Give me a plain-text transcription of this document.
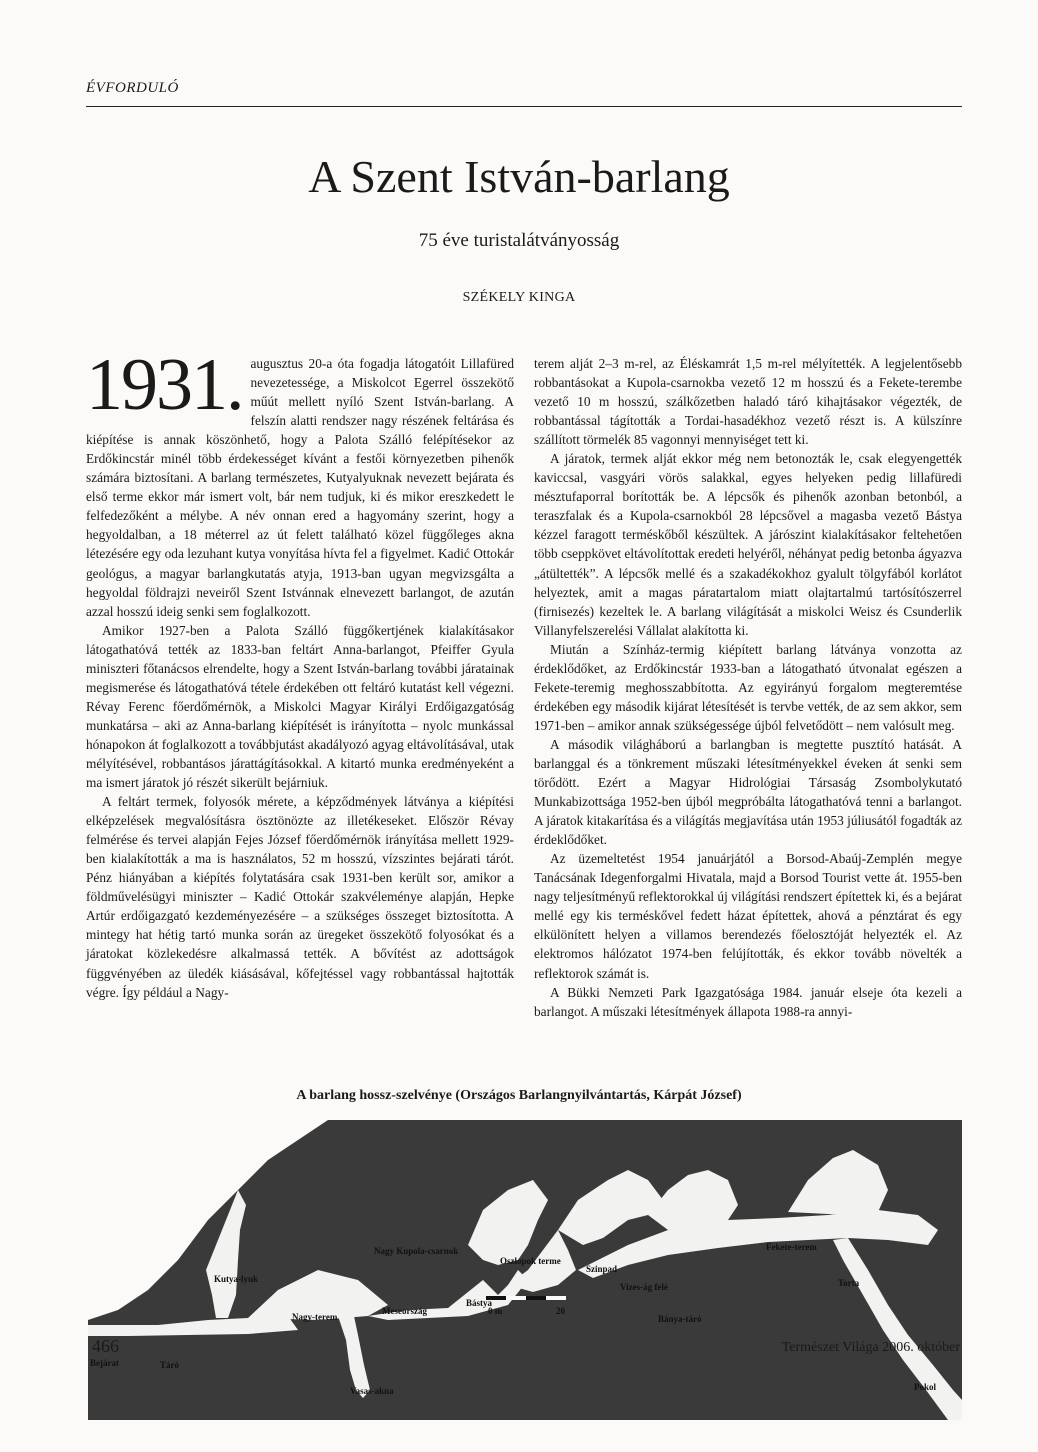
ÉVFORDULÓ
A Szent István-barlang
75 éve turistalátványosság
SZÉKELY KINGA

1931. augusztus 20-a óta fogadja látogatóit Lillafüred nevezetessége, a Miskolcot Egerrel összekötő műút mellett nyíló Szent István-barlang. A felszín alatti rendszer nagy részének feltárása és kiépítése is annak köszönhető, hogy a Palota Szálló felépítésekor az Erdőkincstár minél több érdekességet kívánt a festői környezetben pihenők számára biztosítani. A barlang természetes, Kutyalyuknak nevezett bejárata és első terme ekkor már ismert volt, bár nem tudjuk, ki és mikor ereszkedett le felfedezőként a mélybe. A név onnan ered a hagyomány szerint, hogy a hegyoldalban, a 18 méterrel az út felett található közel függőleges akna létezésére egy oda lezuhant kutya vonyítása hívta fel a figyelmet. Kadić Ottokár geológus, a magyar barlangkutatás atyja, 1913-ban ugyan megvizsgálta a hegyoldal földrajzi neveiről Szent Istvánnak elnevezett barlangot, de azután azzal hosszú ideig senki sem foglalkozott.

Amikor 1927-ben a Palota Szálló függőkertjének kialakításakor látogathatóvá tették az 1833-ban feltárt Anna-barlangot, Pfeiffer Gyula miniszteri főtanácsos elrendelte, hogy a Szent István-barlang további járatainak megismerése és látogathatóvá tétele érdekében ott feltáró kutatást kell végezni. Révay Ferenc főerdőmérnök, a Miskolci Magyar Királyi Erdőigazgatóság munkatársa – aki az Anna-barlang kiépítését is irányította – nyolc munkással hónapokon át foglalkozott a továbbjutást akadályozó agyag eltávolításával, utak mélyítésével, robbantásos járattágításokkal. A kitartó munka eredményeként a ma ismert járatok jó részét sikerült bejárniuk.

A feltárt termek, folyosók mérete, a képződmények látványa a kiépítési elképzelések megvalósításra ösztönözte az illetékeseket. Először Révay felmérése és tervei alapján Fejes József főerdőmérnök irányítása mellett 1929-ben kialakították a ma is használatos, 52 m hosszú, vízszintes bejárati tárót. Pénz hiányában a kiépítés folytatására csak 1931-ben került sor, amikor a földművelésügyi miniszter – Kadić Ottokár szakvéleménye alapján, Hepke Artúr erdőigazgató kezdeményezésére – a szükséges összeget biztosította. A mintegy hat hétig tartó munka során az üregeket összekötő folyosókat és a járatokat közlekedésre alkalmassá tették. A bővítést az adottságok függvényében az üledék kiásásával, kőfejtéssel vagy robbantással hajtották végre. Így például a Nagy-

terem alját 2–3 m-rel, az Éléskamrát 1,5 m-rel mélyítették. A legjelentősebb robbantásokat a Kupola-csarnokba vezető 12 m hosszú és a Fekete-terembe vezető 10 m hosszú, szálkőzetben haladó táró kihajtásakor végezték, de robbantással tágították a Tordai-hasadékhoz vezető részt is. A külszínre szállított törmelék 85 vagonnyi mennyiséget tett ki.

A járatok, termek alját ekkor még nem betonozták le, csak elegyengették kaviccsal, vasgyári vörös salakkal, egyes helyeken pedig lillafüredi mésztufaporral borították be. A lépcsők és pihenők azonban betonból, a teraszfalak és a Kupola-csarnokból 28 lépcsővel a magasba vezető Bástya kézzel faragott terméskőből készültek. A járószint kialakításakor feltehetően több cseppkövet eltávolítottak eredeti helyéről, néhányat pedig betonba ágyazva „átültették”. A lépcsők mellé és a szakadékokhoz gyalult tölgyfából korlátot helyeztek, amit a magas páratartalom miatt olajtartalmú tartósítószerrel (firnisezés) kezeltek le. A barlang világítását a miskolci Weisz és Csunderlik Villanyfelszerelési Vállalat alakította ki.

Miután a Színház-termig kiépített barlang látványa vonzotta az érdeklődőket, az Erdőkincstár 1933-ban a látogatható útvonalat egészen a Fekete-teremig meghosszabbította. Az egyirányú forgalom megteremtése érdekében egy második kijárat létesítését is tervbe vették, de az sem akkor, sem 1971-ben – amikor annak szükségessége újból felvetődött – nem valósult meg.

A második világháború a barlangban is megtette pusztító hatását. A barlanggal és a tönkrement műszaki létesítményekkel éveken át senki sem törődött. Ezért a Magyar Hidrológiai Társaság Zsombolykutató Munkabizottsága 1952-ben újból megpróbálta látogathatóvá tenni a barlangot. A járatok kitakarítása és a világítás megjavítása után 1953 júliusától fogadták az érdeklődőket.

Az üzemeltetést 1954 januárjától a Borsod-Abaúj-Zemplén megye Tanácsának Idegenforgalmi Hivatala, majd a Borsod Tourist vette át. 1955-ben nagy teljesítményű reflektorokkal új világítási rendszert építettek ki, és a bejárat mellé egy kis terméskővel fedett házat építettek, ahová a pénztárat és egy elkülönített helyen a villamos berendezés főelosztóját helyezték el. Az elektromos hálózatot 1974-ben felújították, és ekkor tovább növelték a reflektorok számát is.

A Bükki Nemzeti Park Igazgatósága 1984. január elseje óta kezeli a barlangot. A műszaki létesítmények állapota 1988-ra annyi-

A barlang hossz-szelvénye (Országos Barlangnyilvántartás, Kárpát József)
Bejárat	Táró
Kutya-lyuk
Nagy-terem
Vasas-akna
Meseország
Bástya
Nagy Kupola-csarnok
Oszlopok terme
Szinpad
Vizes-ág felé
Fekete-terem
Torta
Bánya-táró
Pokol
0 m	20
466	Természet Világa 2006. október
